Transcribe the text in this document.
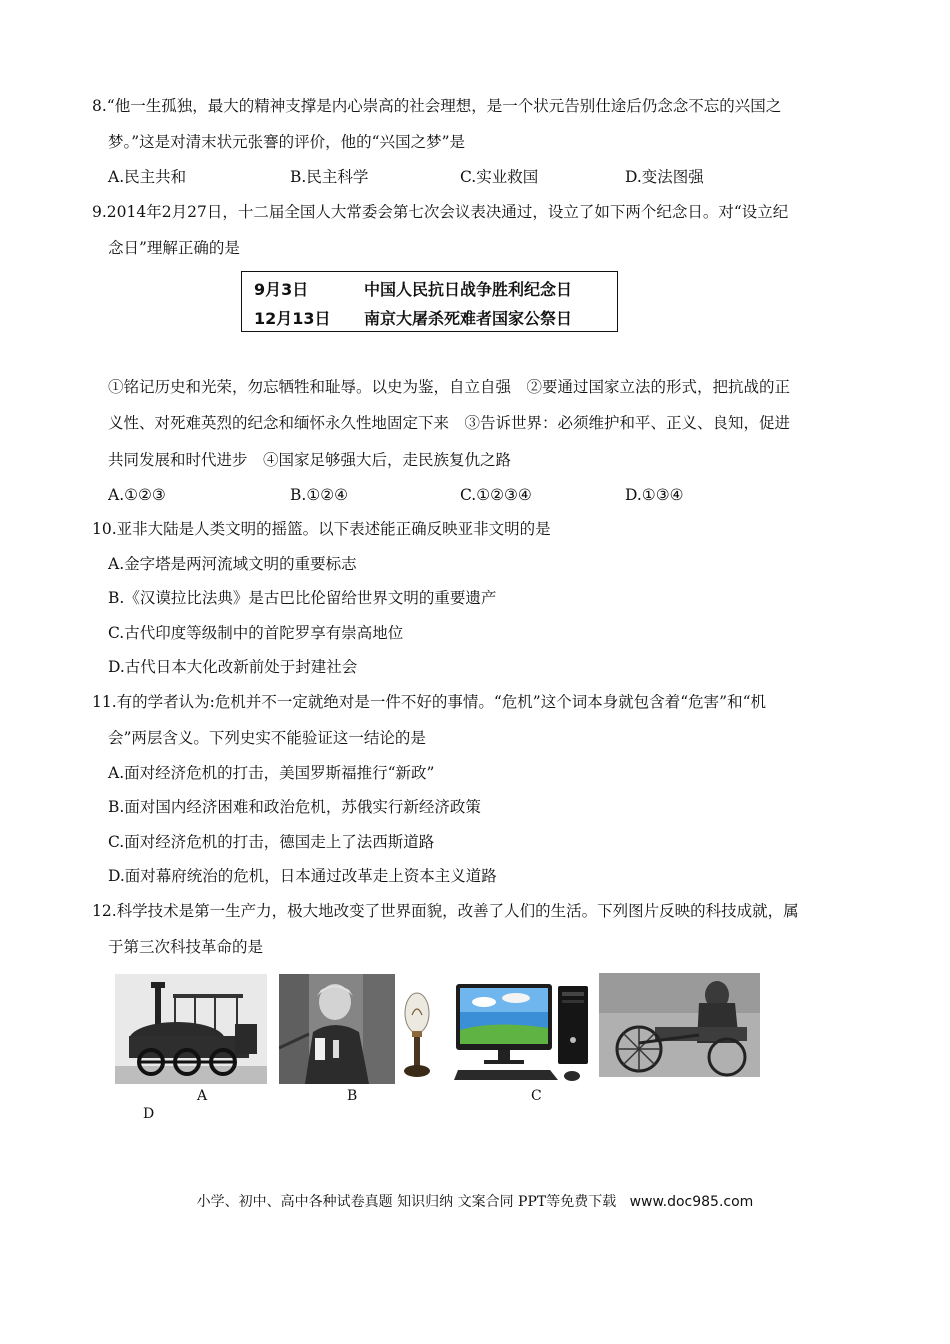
8.“他一生孤独，最大的精神支撑是内心崇高的社会理想，是一个状元告别仕途后仍念念不忘的兴国之
梦。”这是对清末状元张謇的评价，他的“兴国之梦”是
A.民主共和	B.民主科学	C.实业救国	D.变法图强
9.2014年2月27日，十二届全国人大常委会第七次会议表决通过，设立了如下两个纪念日。对“设立纪
念日”理解正确的是
9月3日	中国人民抗日战争胜利纪念日
12月13日 南京大屠杀死难者国家公祭日
①铭记历史和光荣，勿忘牺牲和耻辱。以史为鉴，自立自强　②要通过国家立法的形式，把抗战的正
义性、对死难英烈的纪念和缅怀永久性地固定下来　③告诉世界：必须维护和平、正义、良知，促进
共同发展和时代进步　④国家足够强大后，走民族复仇之路
A.①②③	B.①②④	C.①②③④	D.①③④
10.亚非大陆是人类文明的摇篮。以下表述能正确反映亚非文明的是
A.金字塔是两河流域文明的重要标志
B.《汉谟拉比法典》是古巴比伦留给世界文明的重要遗产
C.古代印度等级制中的首陀罗享有崇高地位
D.古代日本大化改新前处于封建社会
11.有的学者认为:危机并不一定就绝对是一件不好的事情。“危机”这个词本身就包含着“危害”和“机
会”两层含义。下列史实不能验证这一结论的是
A.面对经济危机的打击，美国罗斯福推行“新政”
B.面对国内经济困难和政治危机，苏俄实行新经济政策
C.面对经济危机的打击，德国走上了法西斯道路
D.面对幕府统治的危机，日本通过改革走上资本主义道路
12.科学技术是第一生产力，极大地改变了世界面貌，改善了人们的生活。下列图片反映的科技成就，属
于第三次科技革命的是
A	B	C
D
小学、初中、高中各种试卷真题 知识归纳 文案合同 PPT等免费下载 www.doc985.com
